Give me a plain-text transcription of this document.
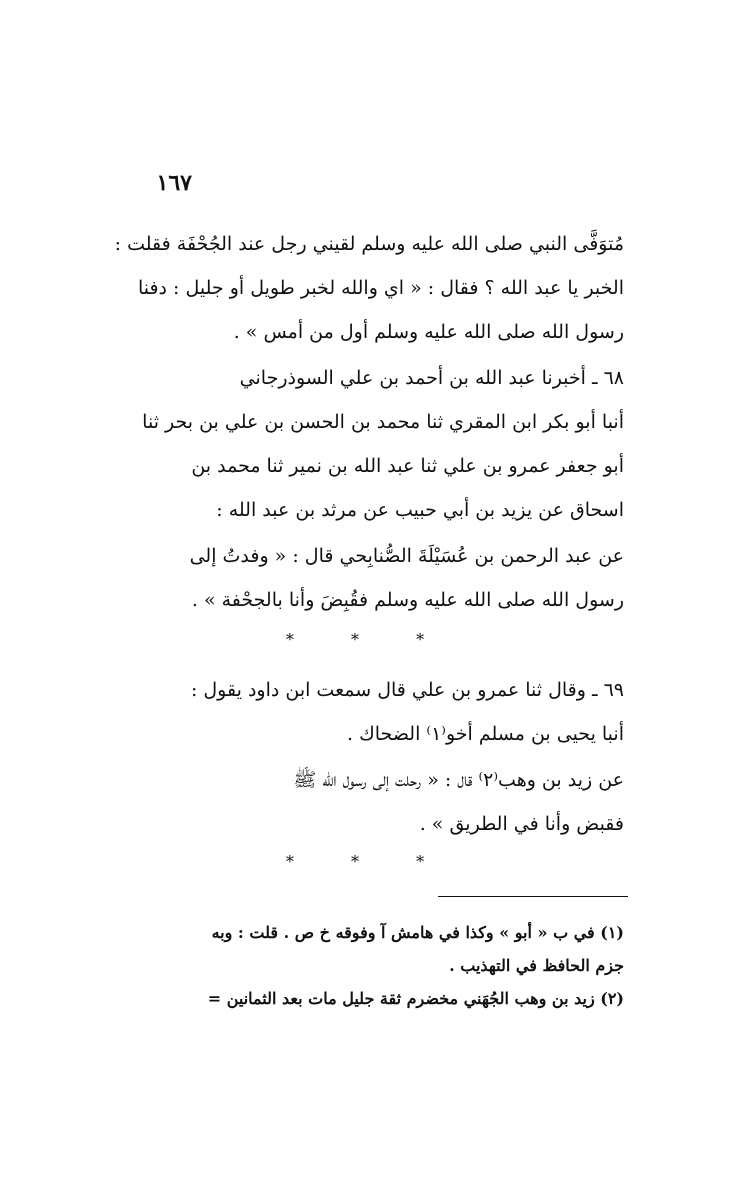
١٦٧
مُتوَفَّى النبي صلى الله عليه وسلم لقيني رجل عند الجُحْفَة فقلت :
الخبر يا عبد الله ؟ فقال : « اي والله لخبر طويل أو جليل : دفنا
رسول الله صلى الله عليه وسلم أول من أمس » .
٦٨ ـ أخبرنا عبد الله بن أحمد بن علي السوذرجاني
أنبا أبو بكر ابن المقري ثنا محمد بن الحسن بن علي بن بحر ثنا
أبو جعفر عمرو بن علي ثنا عبد الله بن نمير ثنا محمد بن
اسحاق عن يزيد بن أبي حبيب عن مرثد بن عبد الله :
عن عبد الرحمن بن عُسَيْلَةَ الصُّنابِحي قال : « وفدتُ إلى
رسول الله صلى الله عليه وسلم فقُبِضَ وأنا بالجحْفة » .
* * *
٦٩ ـ وقال ثنا عمرو بن علي قال سمعت ابن داود يقول :
أنبا يحيى بن مسلم أخو⁽١⁾ الضحاك .
عن زيد بن وهب⁽٢⁾ قال : « رحلت إلى رسول الله ﷺ
فقبض وأنا في الطريق » .
* * *
(١) في ب « أبو » وكذا في هامش آ وفوقه خ ص . قلت : وبه
جزم الحافظ في التهذيب .
(٢) زيد بن وهب الجُهَني مخضرم ثقة جليل مات بعد الثمانين =
